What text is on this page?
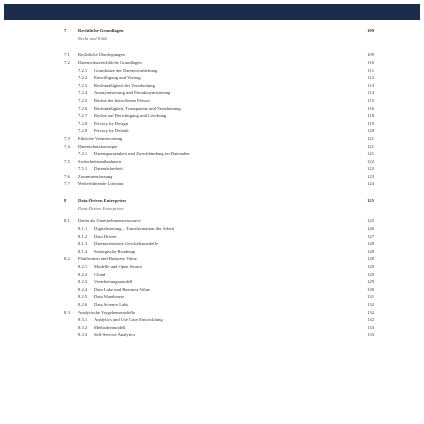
7	Rechtliche Grundlagen	109
Recht und Ethik
7.1 Rechtliche Überlegungen	109
7.2 Datenschutzrechtliche Grundlagen	110
7.2.1 Grundsätze der Datenverarbeitung	111
7.2.2 Einwilligung und Vertrag	112
7.2.3 Rechtmäßigkeit der Verarbeitung	113
7.2.4 Anonymisierung und Pseudonymisierung	114
7.2.5 Rechte der betroffenen Person	115
7.2.6 Rechtmäßigkeit, Transparenz und Verarbeitung	116
7.2.7 Rechte auf Berichtigung und Löschung	118
7.2.8 Privacy by Design	119
7.2.9 Privacy by Default	120
7.3 Ethische Verantwortung	121
7.4 Datenschutzkonzepte	121
7.4.1 Datensparsamkeit und Zweckbindung im Datenalter	121
7.5 Sicherheitsmaßnahmen	122
7.5.1 Datensicherheit	122
7.6 Zusammenfassung	123
7.7 Weiterführende Literatur	124
8	Data-Driven Enterprises	125
Data-Driven Enterprises
8.1 Daten als Unternehmensressource	125
8.1.1 Digitalisierung – Transformation der Arbeit	126
8.1.2 Data Driven	127
8.1.3 Datenorientierte Geschäftsmodelle	128
8.1.4 Strategische Roadmap	128
8.2 Plattformen und Business Value	128
8.2.1 Modelle und Open Source	129
8.2.2 Cloud	129
8.2.3 Verarbeitungsmodell	129
8.2.4 Data Lake und Business Value	130
8.2.5 Data Warehouse	131
8.2.6 Data Science Labs	132
8.3 Analytische Vorgehensmodelle	132
8.3.1 Analytics und Use Case Entwicklung	132
8.3.2 Methodenmodell	133
8.3.3 Self-Service Analytics	133
